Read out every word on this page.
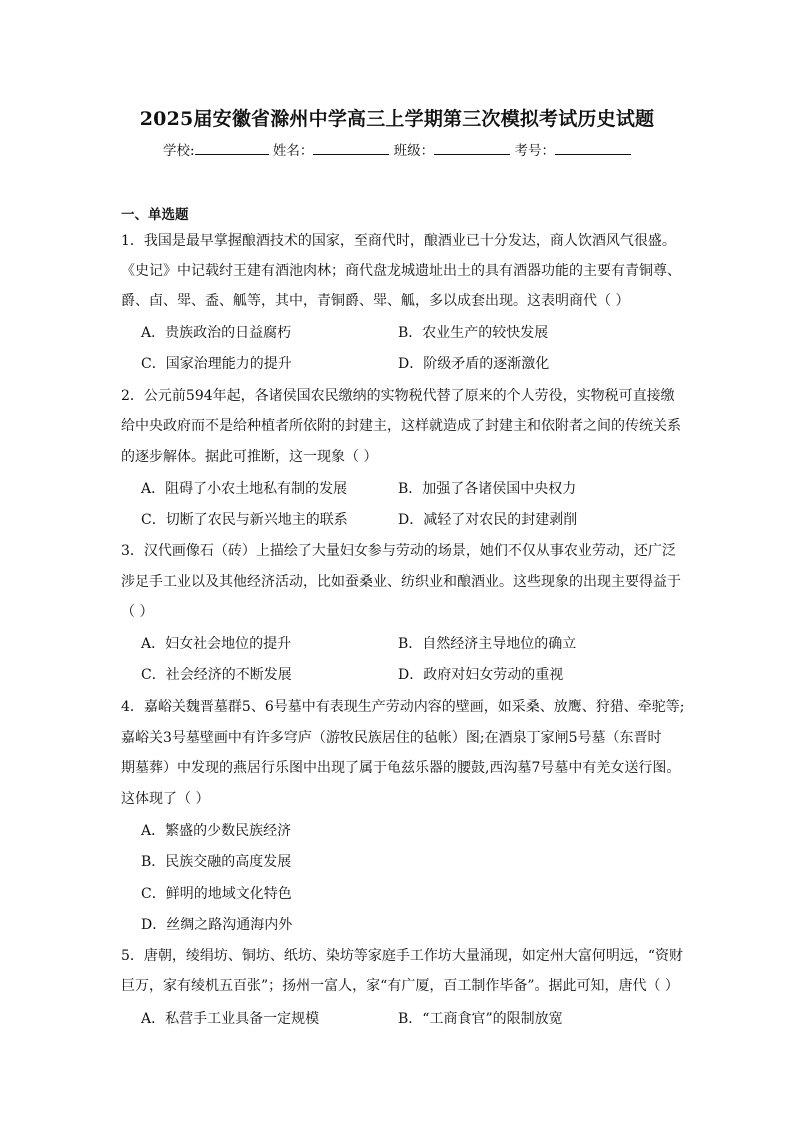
2025届安徽省滁州中学高三上学期第三次模拟考试历史试题
学校:	姓名：	班级：	考号：
一、单选题
1．我国是最早掌握酿酒技术的国家，至商代时，酿酒业已十分发达，商人饮酒风气很盛。
《史记》中记载纣王建有酒池肉林；商代盘龙城遗址出土的具有酒器功能的主要有青铜尊、
爵、卣、斝、盉、觚等，其中，青铜爵、斝、觚，多以成套出现。这表明商代（ ）
A．贵族政治的日益腐朽	B．农业生产的较快发展
C．国家治理能力的提升	D．阶级矛盾的逐渐激化
2．公元前594年起，各诸侯国农民缴纳的实物税代替了原来的个人劳役，实物税可直接缴
给中央政府而不是给种植者所依附的封建主，这样就造成了封建主和依附者之间的传统关系
的逐步解体。据此可推断，这一现象（ ）
A．阻碍了小农土地私有制的发展	B．加强了各诸侯国中央权力
C．切断了农民与新兴地主的联系	D．减轻了对农民的封建剥削
3．汉代画像石（砖）上描绘了大量妇女参与劳动的场景，她们不仅从事农业劳动，还广泛
涉足手工业以及其他经济活动，比如蚕桑业、纺织业和酿酒业。这些现象的出现主要得益于
（ ）
A．妇女社会地位的提升	B．自然经济主导地位的确立
C．社会经济的不断发展	D．政府对妇女劳动的重视
4．嘉峪关魏晋墓群5、6号墓中有表现生产劳动内容的壁画，如采桑、放鹰、狩猎、牵驼等;
嘉峪关3号墓壁画中有许多穹庐（游牧民族居住的毡帐）图;在酒泉丁家闸5号墓（东晋时
期墓葬）中发现的燕居行乐图中出现了属于龟兹乐器的腰鼓,西沟墓7号墓中有羌女送行图。
这体现了（ ）
A．繁盛的少数民族经济
B．民族交融的高度发展
C．鲜明的地域文化特色
D．丝绸之路沟通海内外
5．唐朝，绫绢坊、铜坊、纸坊、染坊等家庭手工作坊大量涌现，如定州大富何明远，“资财
巨万，家有绫机五百张”；扬州一富人，家“有广厦，百工制作毕备”。据此可知，唐代（ ）
A．私营手工业具备一定规模	B．“工商食官”的限制放宽
